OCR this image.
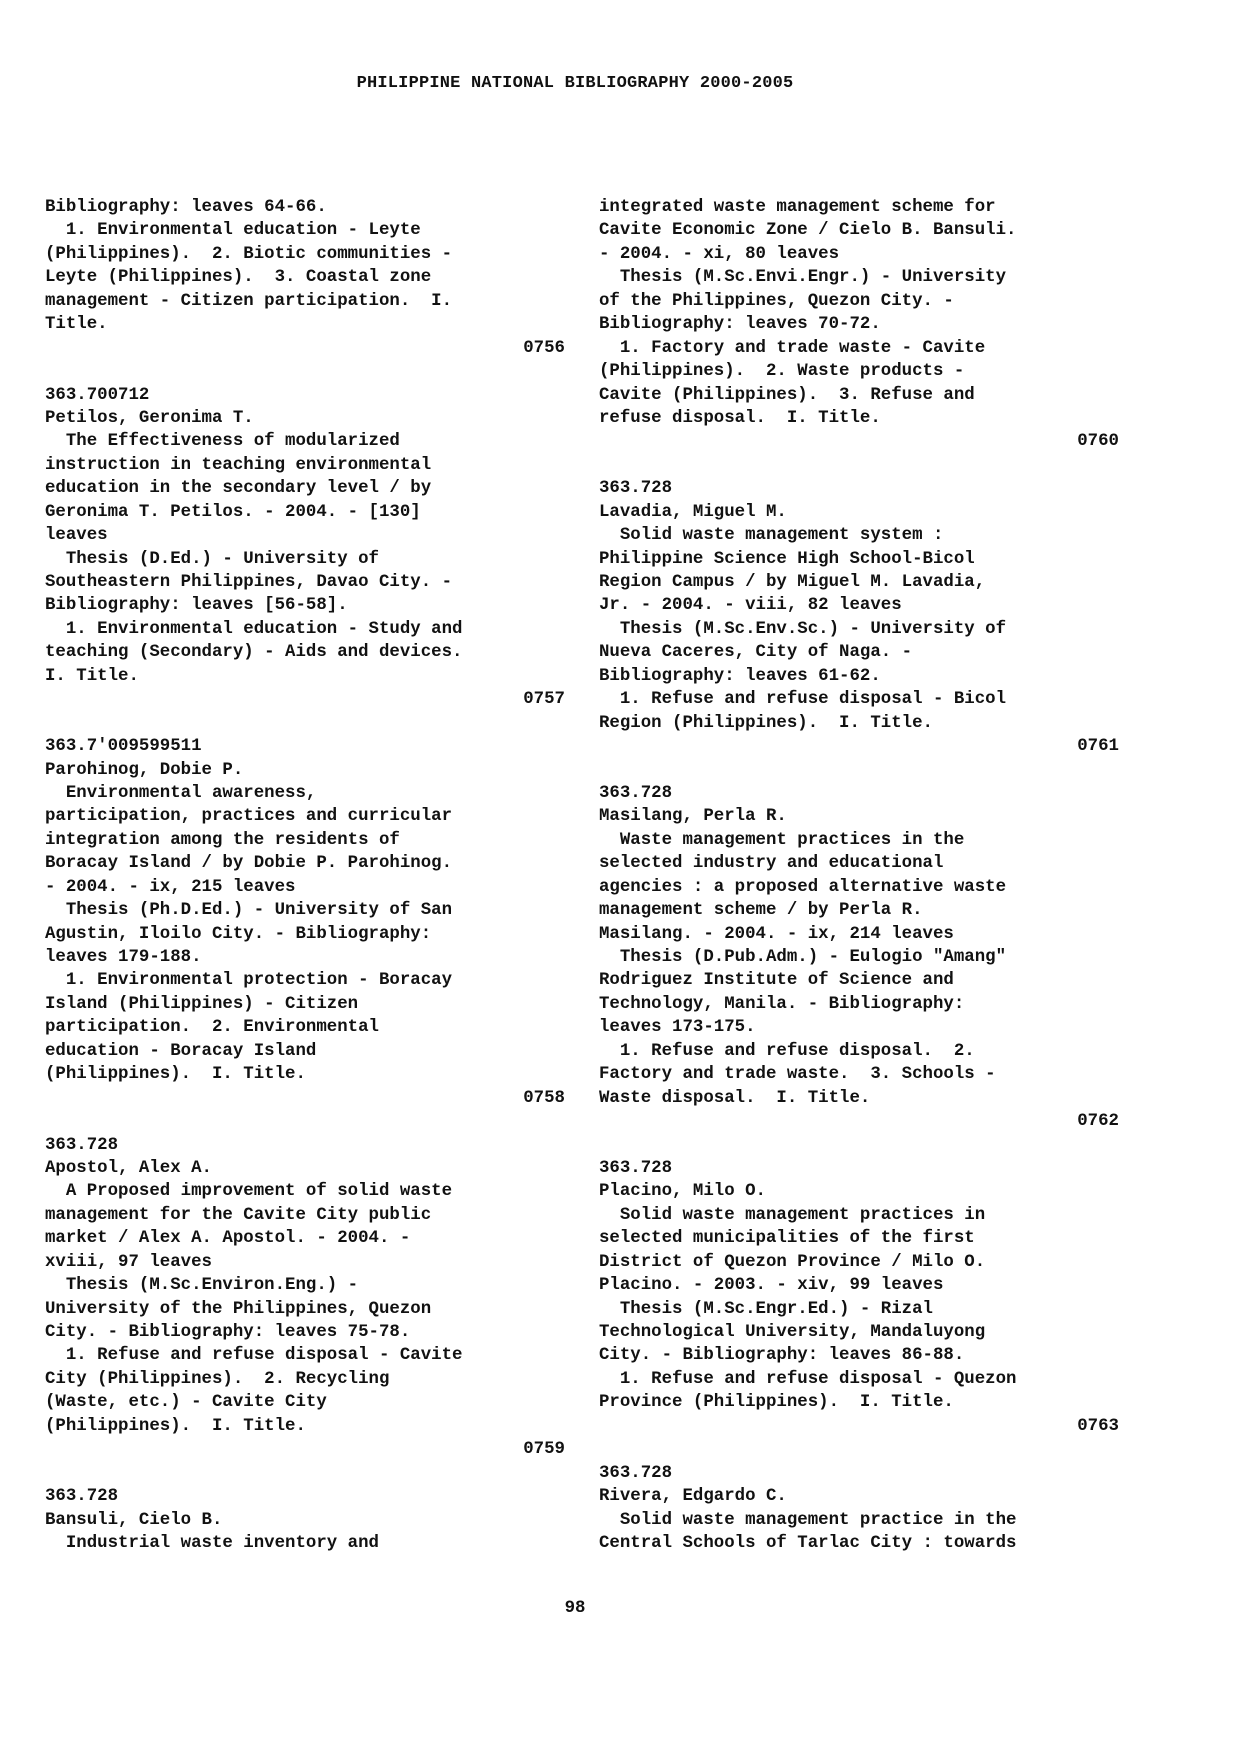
PHILIPPINE NATIONAL BIBLIOGRAPHY 2000-2005
Bibliography: leaves 64-66.
1. Environmental education - Leyte
(Philippines).  2. Biotic communities -
Leyte (Philippines).  3. Coastal zone
management - Citizen participation.  I.
Title.
0756
363.700712
Petilos, Geronima T.
The Effectiveness of modularized
instruction in teaching environmental
education in the secondary level / by
Geronima T. Petilos. - 2004. - [130]
leaves
Thesis (D.Ed.) - University of
Southeastern Philippines, Davao City. -
Bibliography: leaves [56-58].
1. Environmental education - Study and
teaching (Secondary) - Aids and devices.
I. Title.
0757
363.7'009599511
Parohinog, Dobie P.
Environmental awareness,
participation, practices and curricular
integration among the residents of
Boracay Island / by Dobie P. Parohinog.
- 2004. - ix, 215 leaves
Thesis (Ph.D.Ed.) - University of San
Agustin, Iloilo City. - Bibliography:
leaves 179-188.
1. Environmental protection - Boracay
Island (Philippines) - Citizen
participation.  2. Environmental
education - Boracay Island
(Philippines).  I. Title.
0758
363.728
Apostol, Alex A.
A Proposed improvement of solid waste
management for the Cavite City public
market / Alex A. Apostol. - 2004. -
xviii, 97 leaves
Thesis (M.Sc.Environ.Eng.) -
University of the Philippines, Quezon
City. - Bibliography: leaves 75-78.
1. Refuse and refuse disposal - Cavite
City (Philippines).  2. Recycling
(Waste, etc.) - Cavite City
(Philippines).  I. Title.
0759
363.728
Bansuli, Cielo B.
Industrial waste inventory and
integrated waste management scheme for
Cavite Economic Zone / Cielo B. Bansuli.
- 2004. - xi, 80 leaves
Thesis (M.Sc.Envi.Engr.) - University
of the Philippines, Quezon City. -
Bibliography: leaves 70-72.
1. Factory and trade waste - Cavite
(Philippines).  2. Waste products -
Cavite (Philippines).  3. Refuse and
refuse disposal.  I. Title.
0760
363.728
Lavadia, Miguel M.
Solid waste management system :
Philippine Science High School-Bicol
Region Campus / by Miguel M. Lavadia,
Jr. - 2004. - viii, 82 leaves
Thesis (M.Sc.Env.Sc.) - University of
Nueva Caceres, City of Naga. -
Bibliography: leaves 61-62.
1. Refuse and refuse disposal - Bicol
Region (Philippines).  I. Title.
0761
363.728
Masilang, Perla R.
Waste management practices in the
selected industry and educational
agencies : a proposed alternative waste
management scheme / by Perla R.
Masilang. - 2004. - ix, 214 leaves
Thesis (D.Pub.Adm.) - Eulogio "Amang"
Rodriguez Institute of Science and
Technology, Manila. - Bibliography:
leaves 173-175.
1. Refuse and refuse disposal.  2.
Factory and trade waste.  3. Schools -
Waste disposal.  I. Title.
0762
363.728
Placino, Milo O.
Solid waste management practices in
selected municipalities of the first
District of Quezon Province / Milo O.
Placino. - 2003. - xiv, 99 leaves
Thesis (M.Sc.Engr.Ed.) - Rizal
Technological University, Mandaluyong
City. - Bibliography: leaves 86-88.
1. Refuse and refuse disposal - Quezon
Province (Philippines).  I. Title.
0763
363.728
Rivera, Edgardo C.
Solid waste management practice in the
Central Schools of Tarlac City : towards
98
